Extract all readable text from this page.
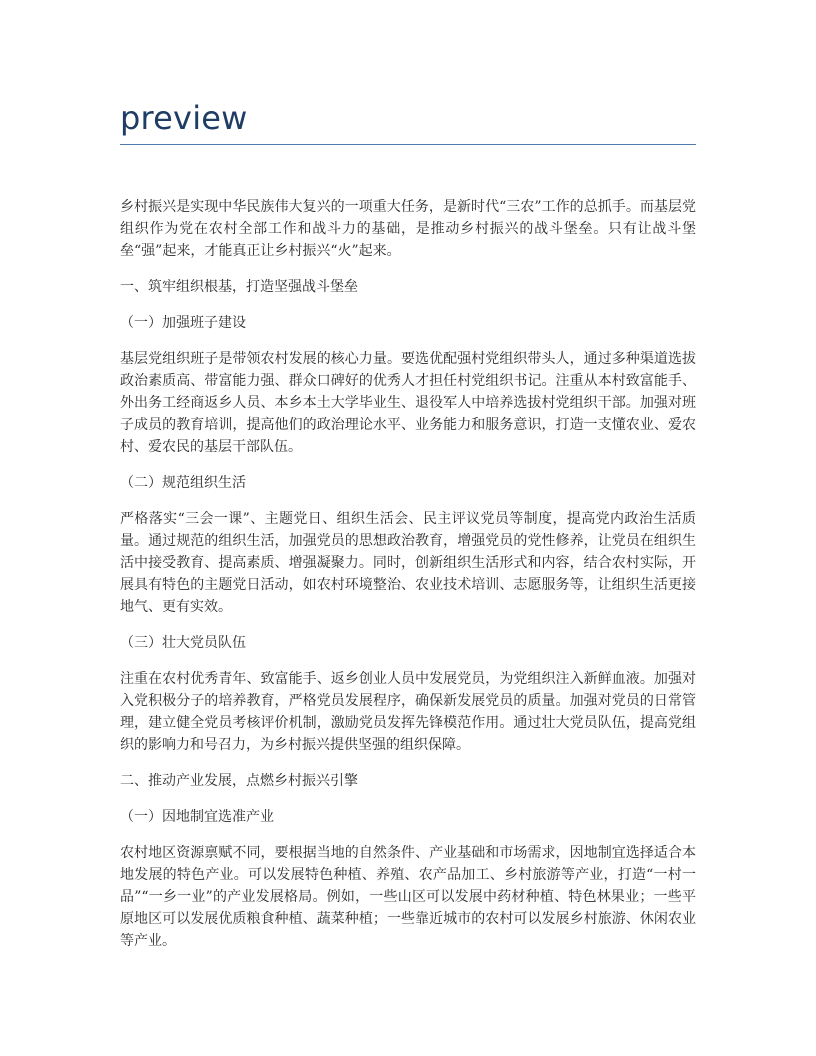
preview

乡村振兴是实现中华民族伟大复兴的一项重大任务，是新时代“三农”工作的总抓手。而基层党组织作为党在农村全部工作和战斗力的基础，是推动乡村振兴的战斗堡垒。只有让战斗堡垒“强”起来，才能真正让乡村振兴“火”起来。

一、筑牢组织根基，打造坚强战斗堡垒

（一）加强班子建设

基层党组织班子是带领农村发展的核心力量。要选优配强村党组织带头人，通过多种渠道选拔政治素质高、带富能力强、群众口碑好的优秀人才担任村党组织书记。注重从本村致富能手、外出务工经商返乡人员、本乡本土大学毕业生、退役军人中培养选拔村党组织干部。加强对班子成员的教育培训，提高他们的政治理论水平、业务能力和服务意识，打造一支懂农业、爱农村、爱农民的基层干部队伍。

（二）规范组织生活

严格落实“三会一课”、主题党日、组织生活会、民主评议党员等制度，提高党内政治生活质量。通过规范的组织生活，加强党员的思想政治教育，增强党员的党性修养，让党员在组织生活中接受教育、提高素质、增强凝聚力。同时，创新组织生活形式和内容，结合农村实际，开展具有特色的主题党日活动，如农村环境整治、农业技术培训、志愿服务等，让组织生活更接地气、更有实效。

（三）壮大党员队伍

注重在农村优秀青年、致富能手、返乡创业人员中发展党员，为党组织注入新鲜血液。加强对入党积极分子的培养教育，严格党员发展程序，确保新发展党员的质量。加强对党员的日常管理，建立健全党员考核评价机制，激励党员发挥先锋模范作用。通过壮大党员队伍，提高党组织的影响力和号召力，为乡村振兴提供坚强的组织保障。

二、推动产业发展，点燃乡村振兴引擎

（一）因地制宜选准产业

农村地区资源禀赋不同，要根据当地的自然条件、产业基础和市场需求，因地制宜选择适合本地发展的特色产业。可以发展特色种植、养殖、农产品加工、乡村旅游等产业，打造“一村一品”“一乡一业”的产业发展格局。例如，一些山区可以发展中药材种植、特色林果业；一些平原地区可以发展优质粮食种植、蔬菜种植；一些靠近城市的农村可以发展乡村旅游、休闲农业等产业。
